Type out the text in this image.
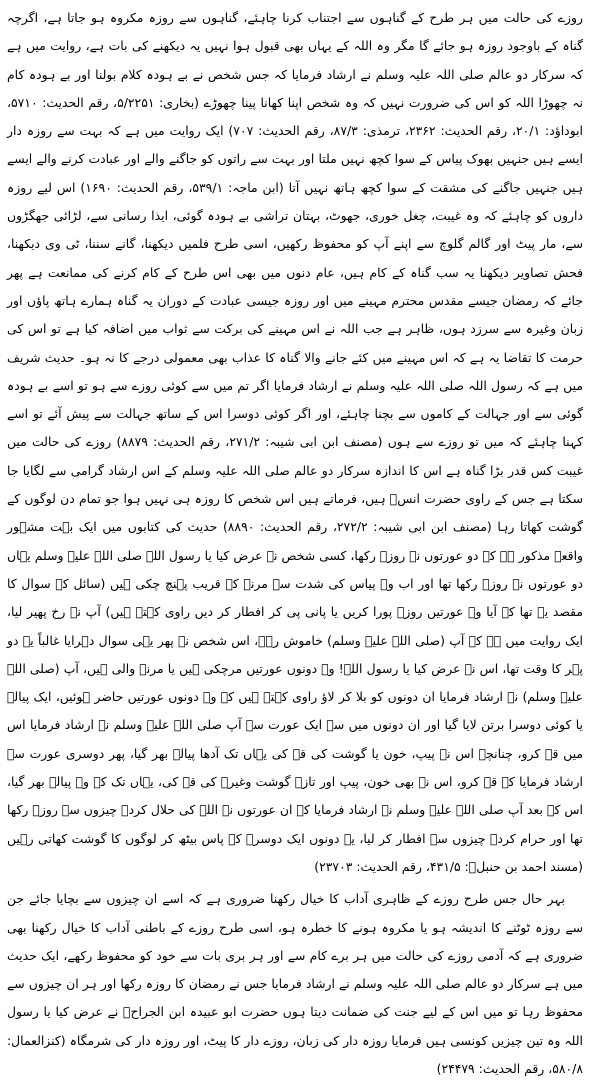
روزے کی حالت میں ہر طرح کے گناہوں سے اجتناب کرنا چاہئے، گناہوں سے روزہ مکروہ ہو جاتا ہے، اگرچہ گناہ کے باوجود روزہ ہو جائے گا مگر وہ اللہ کے یہاں بھی قبول ہوا نہیں یہ دیکھنے کی بات ہے، روایت میں ہے کہ سرکار دو عالم صلی اللہ علیہ وسلم نے ارشاد فرمایا کہ جس شخص نے بے ہودہ کلام بولنا اور بے ہودہ کام نہ چھوڑا اللہ کو اس کی ضرورت نہیں کہ وہ شخص اپنا کھانا پینا چھوڑے (بخاری: ۵/۲۲۵۱، رقم الحدیث: ۵۷۱۰، ابوداؤد: ۲۰/۱، رقم الحدیث: ۲۳۶۲، ترمذی: ۸۷/۳، رقم الحدیث: ۷۰۷) ایک روایت میں ہے کہ بہت سے روزہ دار ایسے ہیں جنہیں بھوک پیاس کے سوا کچھ نہیں ملتا اور بہت سے راتوں کو جاگنے والے اور عبادت کرنے والے ایسے ہیں جنہیں جاگنے کی مشقت کے سوا کچھ ہاتھ نہیں آتا (ابن ماجہ: ۵۳۹/۱، رقم الحدیث: ۱۶۹۰) اس لیے روزہ داروں کو چاہئے کہ وہ غیبت، چغل خوری، جھوٹ، بہتان تراشی بے ہودہ گوئی، ایذا رسانی سے، لڑائی جھگڑوں سے، مار پیٹ اور گالم گلوچ سے اپنے آپ کو محفوظ رکھیں، اسی طرح فلمیں دیکھنا، گانے سننا، ٹی وی دیکھنا، فحش تصاویر دیکھنا یہ سب گناہ کے کام ہیں، عام دنوں میں بھی اس طرح کے کام کرنے کی ممانعت ہے پھر جائے کہ رمضان جیسے مقدس محترم مہینے میں اور روزہ جیسی عبادت کے دوران یہ گناہ ہمارے ہاتھ پاؤں اور زبان وغیرہ سے سرزد ہوں، ظاہر ہے جب اللہ نے اس مہینے کی برکت سے ثواب میں اضافہ کیا ہے تو اس کی حرمت کا تقاضا یہ ہے کہ اس مہینے میں کئے جانے والا گناہ کا عذاب بھی معمولی درجے کا نہ ہو۔ حدیث شریف میں ہے کہ رسول اللہ صلی اللہ علیہ وسلم نے ارشاد فرمایا اگر تم میں سے کوئی روزے سے ہو تو اسے بے ہودہ گوئی سے اور جہالت کے کاموں سے بچنا چاہئے، اور اگر کوئی دوسرا اس کے ساتھ جہالت سے پیش آئے تو اسے کہنا چاہئے کہ میں تو روزے سے ہوں (مصنف ابن ابی شیبہ: ۲۷۱/۲، رقم الحدیث: ۸۸۷۹) روزے کی حالت میں غیبت کس قدر بڑا گناہ ہے اس کا اندازہ سرکار دو عالم صلی اللہ علیہ وسلم کے اس ارشاد گرامی سے لگایا جا سکتا ہے جس کے راوی حضرت انسؓ ہیں، فرماتے ہیں اس شخص کا روزہ ہی نہیں ہوا جو تمام دن لوگوں کے گوشت کھاتا رہا (مصنف ابن ابی شیبہ: ۲۷۲/۲، رقم الحدیث: ۸۸۹۰) حدیث کی کتابوں میں ایک بہت مشہور واقعہ مذکور ہے کہ دو عورتوں نے روزہ رکھا، کسی شخص نے عرض کیا یا رسول اللہ صلی اللہ علیہ وسلم یہاں دو عورتوں نے روزہ رکھا تھا اور اب وہ پیاس کی شدت سے مرنے کے قریب پہنچ چکی ہیں (سائل کے سوال کا مقصد یہ تھا کہ آیا وہ عورتیں روزہ پورا کریں یا پانی پی کر افطار کر دیں راوی کہتے ہیں) آپ نے رخ پھیر لیا، ایک روایت میں ہے کہ آپ (صلی اللہ علیہ وسلم) خاموش رہے، اس شخص نے پھر یہی سوال دہرایا غالباً یہ دو پہر کا وقت تھا، اس نے عرض کیا یا رسول اللہ! وہ دونوں عورتیں مرچکی ہیں یا مرنے والی ہیں، آپ (صلی اللہ علیہ وسلم) نے ارشاد فرمایا ان دونوں کو بلا کر لاؤ راوی کہتے ہیں کہ وہ دونوں عورتیں حاضر ہوئیں، ایک پیالہ یا کوئی دوسرا برتن لایا گیا اور ان دونوں میں سے ایک عورت سے آپ صلی اللہ علیہ وسلم نے ارشاد فرمایا اس میں قے کرو، چنانچہ اس نے پیپ، خون یا گوشت کی قے کی یہاں تک آدھا پیالہ بھر گیا، پھر دوسری عورت سے ارشاد فرمایا کہ قے کرو، اس نے بھی خون، پیپ اور تازہ گوشت وغیرہ کی قے کی، یہاں تک کہ وہ پیالہ بھر گیا، اس کے بعد آپ صلی اللہ علیہ وسلم نے ارشاد فرمایا کہ ان عورتوں نے اللہ کی حلال کردہ چیزوں سے روزہ رکھا تھا اور حرام کردہ چیزوں سے افطار کر لیا، یہ دونوں ایک دوسرے کے پاس بیٹھ کر لوگوں کا گوشت کھاتی رہیں (مسند احمد بن حنبلؒ: ۴۳۱/۵، رقم الحدیث: ۲۳۷۰۳)

بہر حال جس طرح روزے کے ظاہری آداب کا خیال رکھنا ضروری ہے کہ اسے ان چیزوں سے بچایا جائے جن سے روزہ ٹوٹنے کا اندیشہ ہو یا مکروہ ہونے کا خطرہ ہو، اسی طرح روزے کے باطنی آداب کا خیال رکھنا بھی ضروری ہے کہ آدمی روزے کی حالت میں ہر برے کام سے اور ہر بری بات سے خود کو محفوظ رکھے، ایک حدیث میں ہے سرکار دو عالم صلی اللہ علیہ وسلم نے ارشاد فرمایا جس نے رمضان کا روزہ رکھا اور ہر ان چیزوں سے محفوظ رہا تو میں اس کے لیے جنت کی ضمانت دیتا ہوں حضرت ابو عبیدہ ابن الجراحؓ نے عرض کیا یا رسول اللہ وہ تین چیزیں کونسی ہیں فرمایا روزہ دار کی زبان، روزے دار کا پیٹ، اور روزہ دار کی شرمگاہ (کنزالعمال: ۵۸۰/۸، رقم الحدیث: ۲۴۴۷۹)
